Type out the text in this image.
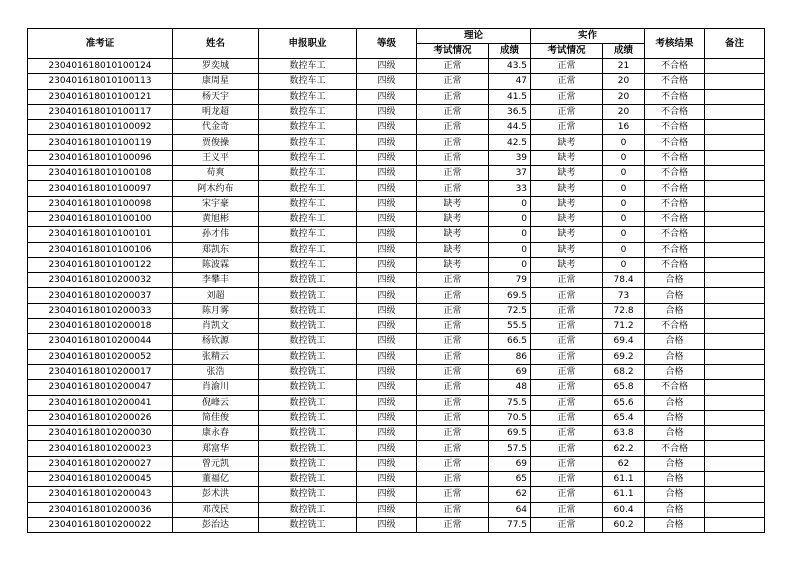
准考证	姓名	申报职业	等级	理论		实作		考核结果	备注
				考试情况	成绩	考试情况	成绩		
230401618010100124	罗奕城	数控车工	四级	正常	43.5	正常	21	不合格	
230401618010100113	康周星	数控车工	四级	正常	47	正常	20	不合格	
230401618010100121	杨天宇	数控车工	四级	正常	41.5	正常	20	不合格	
230401618010100117	明龙超	数控车工	四级	正常	36.5	正常	20	不合格	
230401618010100092	代金奇	数控车工	四级	正常	44.5	正常	16	不合格	
230401618010100119	贾俊操	数控车工	四级	正常	42.5	缺考	0	不合格	
230401618010100096	王义平	数控车工	四级	正常	39	缺考	0	不合格	
230401618010100108	苟爽	数控车工	四级	正常	37	缺考	0	不合格	
230401618010100097	阿木约布	数控车工	四级	正常	33	缺考	0	不合格	
230401618010100098	宋宇豪	数控车工	四级	缺考	0	缺考	0	不合格	
230401618010100100	黄旭彬	数控车工	四级	缺考	0	缺考	0	不合格	
230401618010100101	孙才伟	数控车工	四级	缺考	0	缺考	0	不合格	
230401618010100106	郑凯东	数控车工	四级	缺考	0	缺考	0	不合格	
230401618010100122	陈波霖	数控车工	四级	缺考	0	缺考	0	不合格	
230401618010200032	李攀丰	数控铣工	四级	正常	79	正常	78.4	合格	
230401618010200037	刘超	数控铣工	四级	正常	69.5	正常	73	合格	
230401618010200033	陈月雾	数控铣工	四级	正常	72.5	正常	72.8	合格	
230401618010200018	肖凯文	数控铣工	四级	正常	55.5	正常	71.2	不合格	
230401618010200044	杨钦源	数控铣工	四级	正常	66.5	正常	69.4	合格	
230401618010200052	张精云	数控铣工	四级	正常	86	正常	69.2	合格	
230401618010200017	张浩	数控铣工	四级	正常	69	正常	68.2	合格	
230401618010200047	肖渝川	数控铣工	四级	正常	48	正常	65.8	不合格	
230401618010200041	倪峰云	数控铣工	四级	正常	75.5	正常	65.6	合格	
230401618010200026	简佳俊	数控铣工	四级	正常	70.5	正常	65.4	合格	
230401618010200030	康永春	数控铣工	四级	正常	69.5	正常	63.8	合格	
230401618010200023	郑富华	数控铣工	四级	正常	57.5	正常	62.2	不合格	
230401618010200027	曾元凯	数控铣工	四级	正常	69	正常	62	合格	
230401618010200045	董福亿	数控铣工	四级	正常	65	正常	61.1	合格	
230401618010200043	彭术洪	数控铣工	四级	正常	62	正常	61.1	合格	
230401618010200036	邓茂民	数控铣工	四级	正常	64	正常	60.4	合格	
230401618010200022	彭治达	数控铣工	四级	正常	77.5	正常	60.2	合格	
